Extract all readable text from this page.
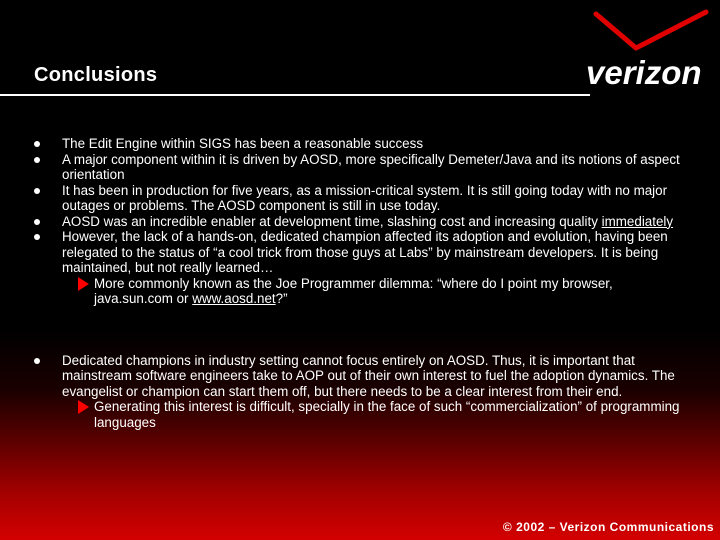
Conclusions	verizon

The Edit Engine within SIGS has been a reasonable success

A major component within it is driven by AOSD, more specifically Demeter/Java and its notions of aspect orientation

It has been in production for five years, as a mission-critical system. It is still going today with no major outages or problems. The AOSD component is still in use today.

AOSD was an incredible enabler at development time, slashing cost and increasing quality immediately

However, the lack of a hands-on, dedicated champion affected its adoption and evolution, having been relegated to the status of “a cool trick from those guys at Labs” by mainstream developers. It is being maintained, but not really learned…

More commonly known as the Joe Programmer dilemma: “where do I point my browser, java.sun.com or www.aosd.net?”

Dedicated champions in industry setting cannot focus entirely on AOSD. Thus, it is important that mainstream software engineers take to AOP out of their own interest to fuel the adoption dynamics. The evangelist or champion can start them off, but there needs to be a clear interest from their end.

Generating this interest is difficult, specially in the face of such “commercialization” of programming languages

© 2002 – Verizon Communications
